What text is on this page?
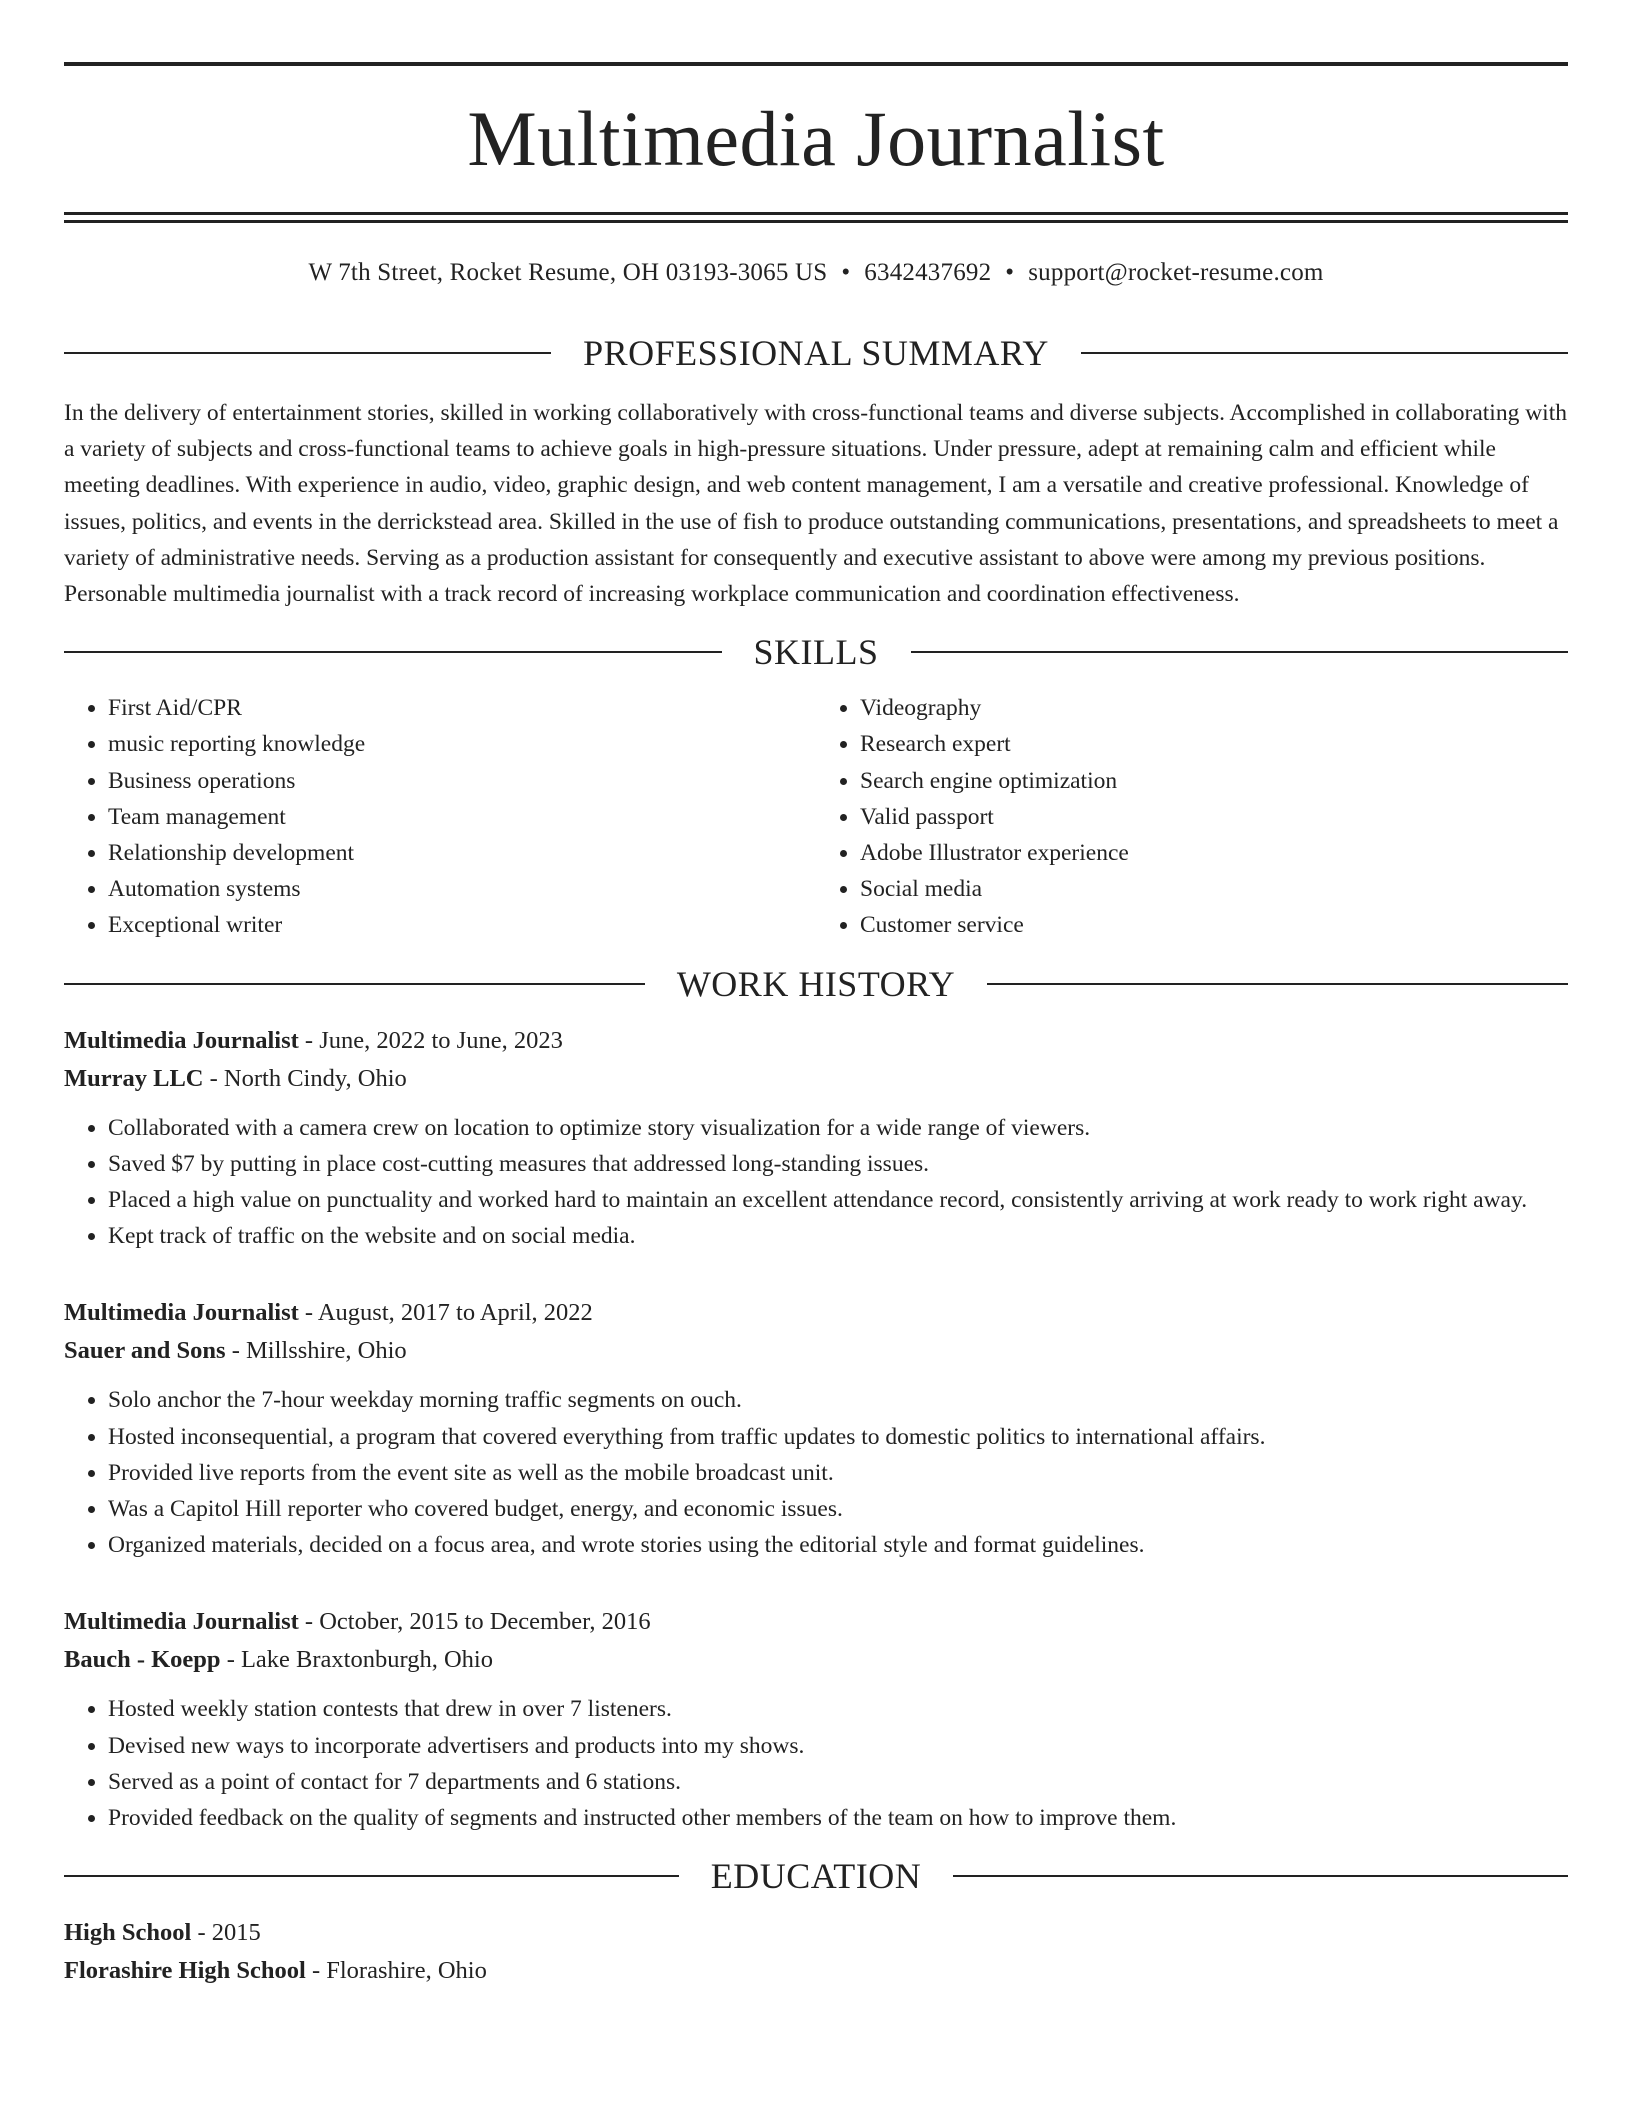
Multimedia Journalist
W 7th Street, Rocket Resume, OH 03193-3065 US • 6342437692 • support@rocket-resume.com
PROFESSIONAL SUMMARY
In the delivery of entertainment stories, skilled in working collaboratively with cross-functional teams and diverse subjects. Accomplished in collaborating with a variety of subjects and cross-functional teams to achieve goals in high-pressure situations. Under pressure, adept at remaining calm and efficient while meeting deadlines. With experience in audio, video, graphic design, and web content management, I am a versatile and creative professional. Knowledge of issues, politics, and events in the derrickstead area. Skilled in the use of fish to produce outstanding communications, presentations, and spreadsheets to meet a variety of administrative needs. Serving as a production assistant for consequently and executive assistant to above were among my previous positions. Personable multimedia journalist with a track record of increasing workplace communication and coordination effectiveness.
SKILLS
• First Aid/CPR
• music reporting knowledge
• Business operations
• Team management
• Relationship development
• Automation systems
• Exceptional writer
• Videography
• Research expert
• Search engine optimization
• Valid passport
• Adobe Illustrator experience
• Social media
• Customer service
WORK HISTORY
Multimedia Journalist - June, 2022 to June, 2023
Murray LLC - North Cindy, Ohio
• Collaborated with a camera crew on location to optimize story visualization for a wide range of viewers.
• Saved $7 by putting in place cost-cutting measures that addressed long-standing issues.
• Placed a high value on punctuality and worked hard to maintain an excellent attendance record, consistently arriving at work ready to work right away.
• Kept track of traffic on the website and on social media.
Multimedia Journalist - August, 2017 to April, 2022
Sauer and Sons - Millsshire, Ohio
• Solo anchor the 7-hour weekday morning traffic segments on ouch.
• Hosted inconsequential, a program that covered everything from traffic updates to domestic politics to international affairs.
• Provided live reports from the event site as well as the mobile broadcast unit.
• Was a Capitol Hill reporter who covered budget, energy, and economic issues.
• Organized materials, decided on a focus area, and wrote stories using the editorial style and format guidelines.
Multimedia Journalist - October, 2015 to December, 2016
Bauch - Koepp - Lake Braxtonburgh, Ohio
• Hosted weekly station contests that drew in over 7 listeners.
• Devised new ways to incorporate advertisers and products into my shows.
• Served as a point of contact for 7 departments and 6 stations.
• Provided feedback on the quality of segments and instructed other members of the team on how to improve them.
EDUCATION
High School - 2015
Florashire High School - Florashire, Ohio
